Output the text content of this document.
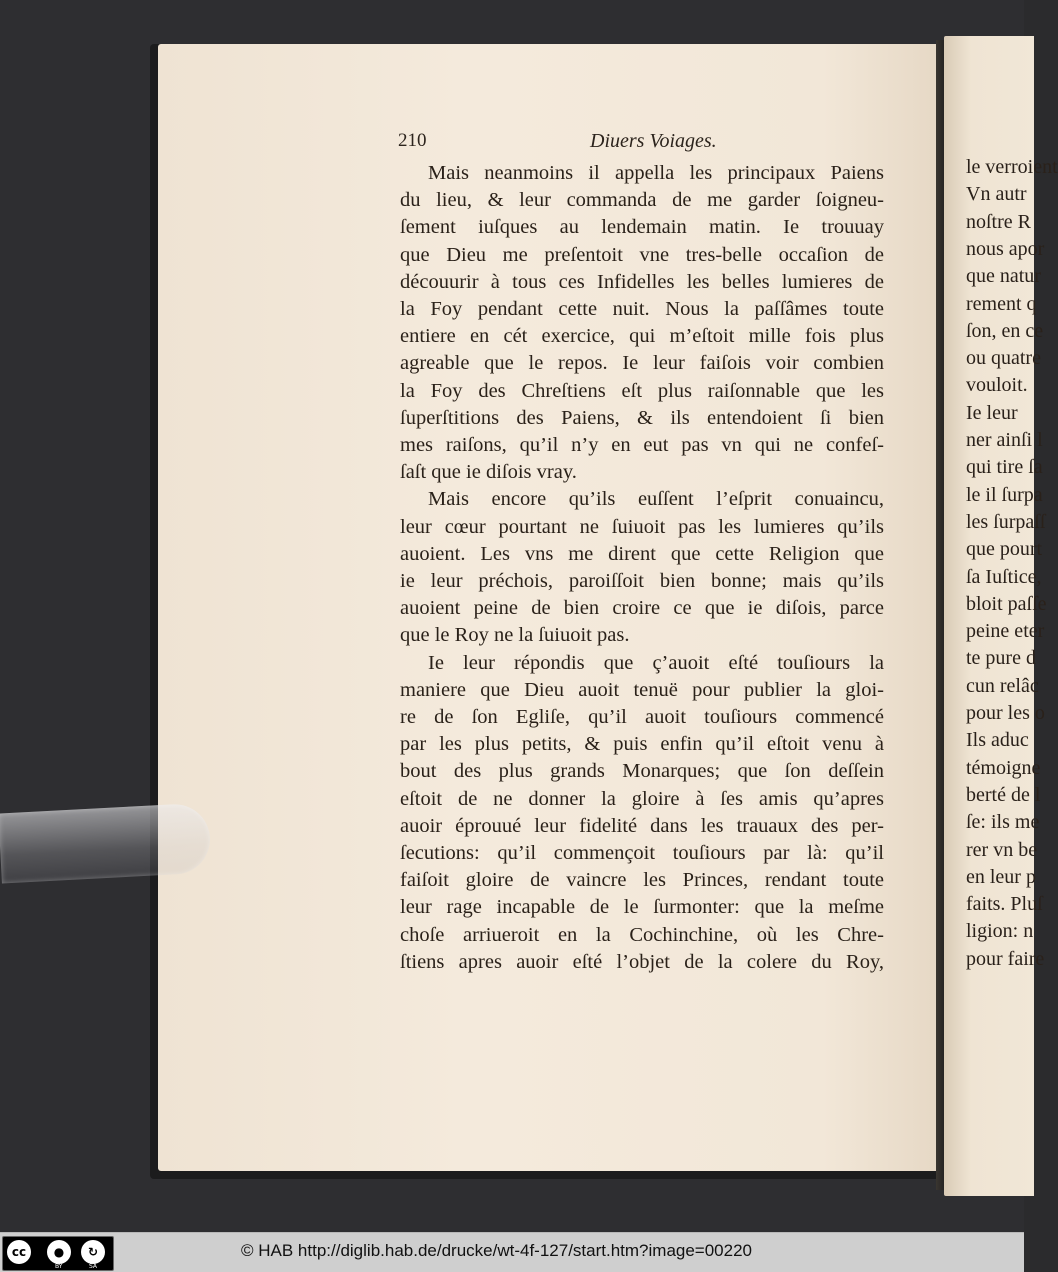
le verroient
Vn autr
noſtre R
nous apor
que natur
rement q
ſon, en ce
ou quatre
vouloit.
Ie leur
ner ainſi l
qui tire ſa
le il ſurpa
les ſurpaſſ
que pourt
ſa Iuſtice,
bloit paſſe
peine eter
te pure d
cun relâc
pour les o
Ils aduc
témoigne
berté de l
ſe: ils me
rer vn be
en leur p
faits. Pluſ
ligion: n
pour faire
210	Diuers Voiages.
Mais neanmoins il appella les principaux Paiens
du lieu, & leur commanda de me garder ſoigneu-
ſement iuſques au lendemain matin. Ie trouuay
que Dieu me preſentoit vne tres-belle occaſion de
découurir à tous ces Infidelles les belles lumieres de
la Foy pendant cette nuit. Nous la paſſâmes toute
entiere en cét exercice, qui m’eſtoit mille fois plus
agreable que le repos. Ie leur faiſois voir combien
la Foy des Chreſtiens eſt plus raiſonnable que les
ſuperſtitions des Paiens, & ils entendoient ſi bien
mes raiſons, qu’il n’y en eut pas vn qui ne confeſ-
ſaſt que ie diſois vray.
Mais encore qu’ils euſſent l’eſprit conuaincu,
leur cœur pourtant ne ſuiuoit pas les lumieres qu’ils
auoient. Les vns me dirent que cette Religion que
ie leur préchois, paroiſſoit bien bonne; mais qu’ils
auoient peine de bien croire ce que ie diſois, parce
que le Roy ne la ſuiuoit pas.
Ie leur répondis que ç’auoit eſté touſiours la
maniere que Dieu auoit tenuë pour publier la gloi-
re de ſon Egliſe, qu’il auoit touſiours commencé
par les plus petits, & puis enfin qu’il eſtoit venu à
bout des plus grands Monarques; que ſon deſſein
eſtoit de ne donner la gloire à ſes amis qu’apres
auoir éprouué leur fidelité dans les trauaux des per-
ſecutions: qu’il commençoit touſiours par là: qu’il
faiſoit gloire de vaincre les Princes, rendant toute
leur rage incapable de le ſurmonter: que la meſme
choſe arriueroit en la Cochinchine, où les Chre-
ſtiens apres auoir eſté l’objet de la colere du Roy,
cc	●	↻
BY	SA
© HAB http://diglib.hab.de/drucke/wt-4f-127/start.htm?image=00220
